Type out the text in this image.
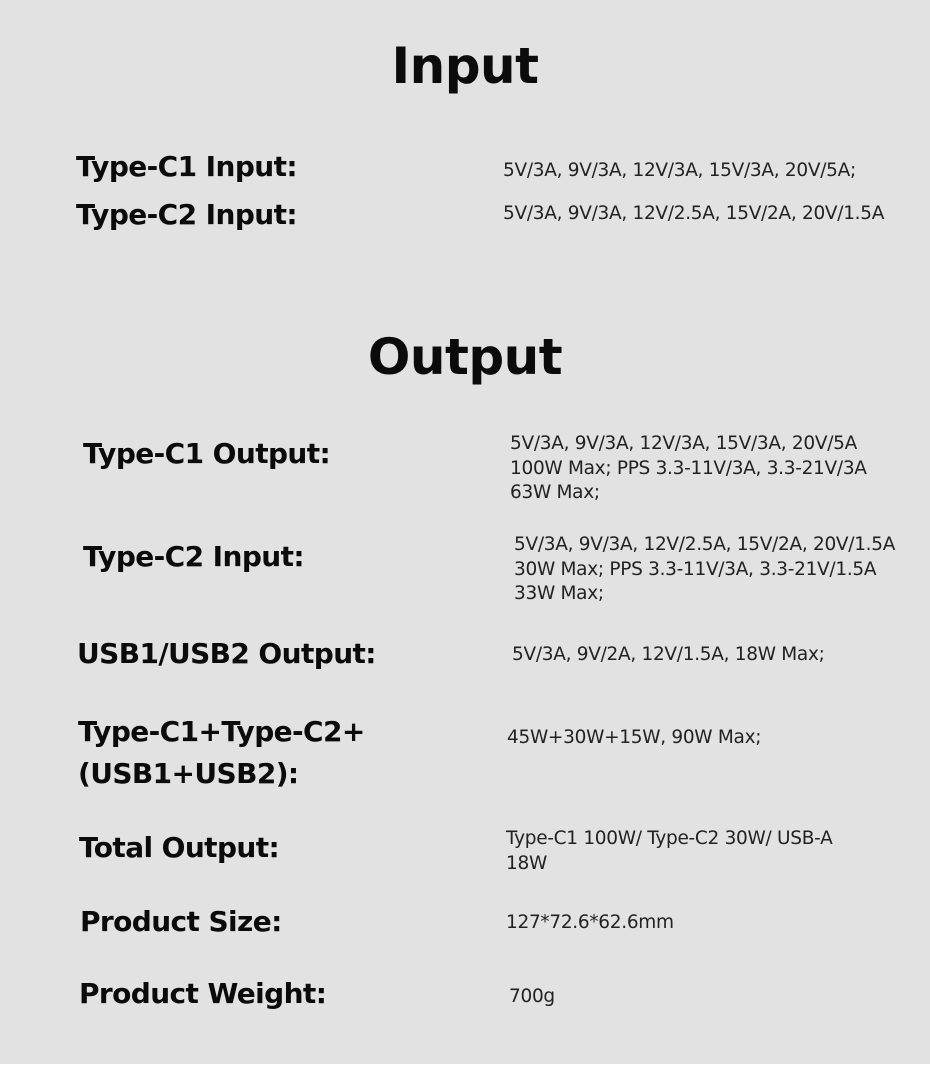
Input
Type-C1 Input:	5V/3A, 9V/3A, 12V/3A, 15V/3A, 20V/5A;
Type-C2 Input:	5V/3A, 9V/3A, 12V/2.5A, 15V/2A, 20V/1.5A
Output
Type-C1 Output:	5V/3A, 9V/3A, 12V/3A, 15V/3A, 20V/5A
100W Max; PPS 3.3-11V/3A, 3.3-21V/3A
63W Max;
Type-C2 Input:	5V/3A, 9V/3A, 12V/2.5A, 15V/2A, 20V/1.5A
30W Max; PPS 3.3-11V/3A, 3.3-21V/1.5A
33W Max;
USB1/USB2 Output:	5V/3A, 9V/2A, 12V/1.5A, 18W Max;
Type-C1+Type-C2+
(USB1+USB2):
45W+30W+15W, 90W Max;
Total Output:	Type-C1 100W/ Type-C2 30W/ USB-A
18W
Product Size:	127*72.6*62.6mm
Product Weight:	700g
